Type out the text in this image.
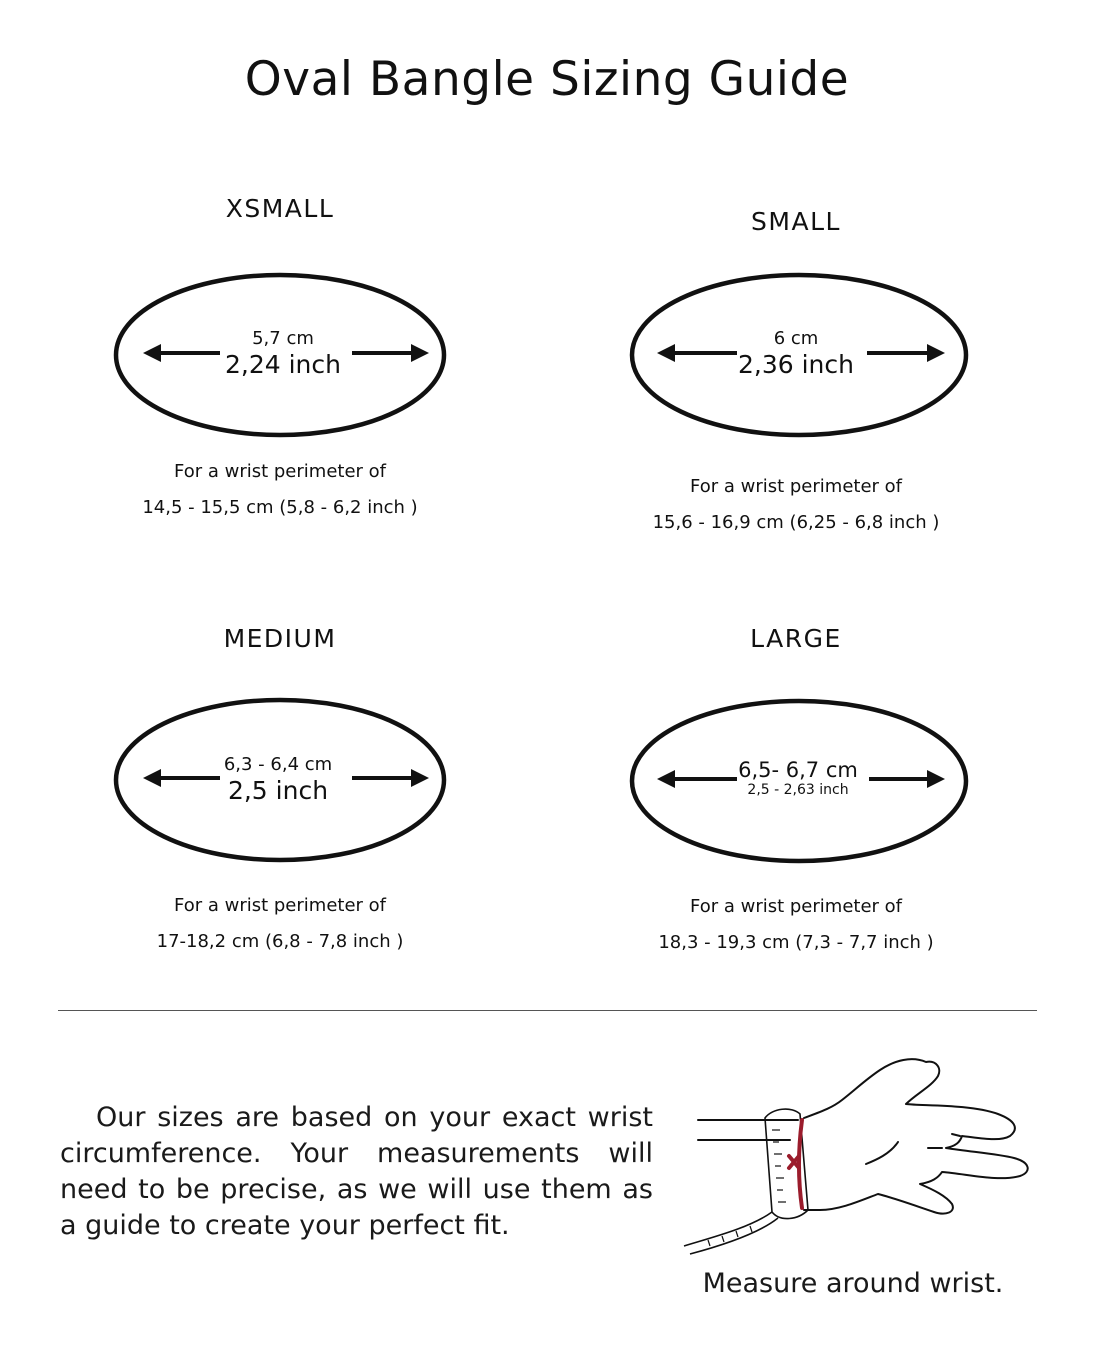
Oval Bangle Sizing Guide
XSMALL
5,7 cm
2,24 inch
For a wrist perimeter of
14,5 - 15,5 cm (5,8 - 6,2 inch )
SMALL
6 cm
2,36 inch
For a wrist perimeter of
15,6 - 16,9 cm (6,25 - 6,8 inch )
MEDIUM
6,3 - 6,4 cm
2,5 inch
For a wrist perimeter of
17-18,2 cm (6,8 - 7,8 inch )
LARGE
6,5- 6,7 cm
2,5 - 2,63 inch
For a wrist perimeter of
18,3 - 19,3 cm (7,3 - 7,7 inch )
Our sizes are based on your exact wrist circumference. Your measurements will need to be precise, as we will use them as a guide to create your perfect fit.
Measure around wrist.
